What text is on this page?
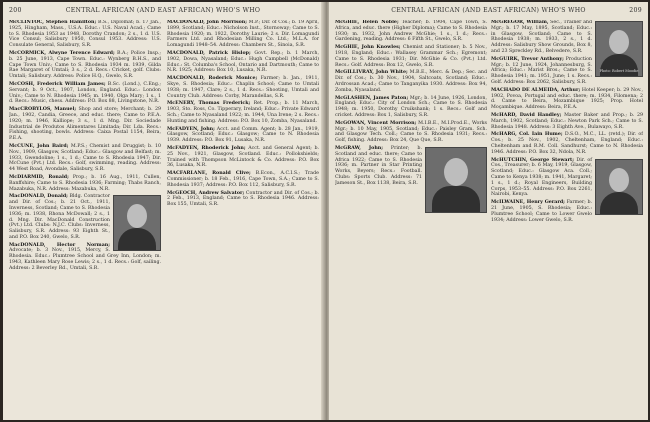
200	CENTRAL AFRICAN (AND EAST AFRICAN) WHO'S WHO
McCLINTOC, Stephen Hamilton; B.S., Diplomat; b. 17 Jan., 1925, Hingham, Mass., U.S.A. Educ.: U.S. Naval Acad.; Came to S. Rhodesia 1953 as 1948, Dorothy Crandon; 2 s., 1 d. U.S. Vice Consul; Salisbury 1950, Consul 1953. Address: U.S. Consulate General, Salisbury, S.R.
McCORMICK, Alwyne Terence Edward; B.A.; Police Insp.; b. 25 June, 1913, Cape Town. Educ.: Wynberg B.H.S., and Cape Town Univ.; Came to S. Rhodesia 1934 m. 1939, Gilda Rae Margaret of Umtali; 3 s., 2 d. Recs.: Cricket, golf. Clubs: Umtali; Salisbury. Address: Police H.Q., Gwelo, S.R.
McCOSH, Frederick William James; B.Sc. (Lond.), C.Eng.; Servant; b. 9 Oct., 1907, London, England. Educ.: London Univ.; Came to N. Rhodesia 1945; m. 1940, Olga Mary; 1 s., 1 d. Recs.: Music, chess. Address: P.O. Box 88, Livingstone, N.R.
MacCROBYLOS, Manuel; Shop and store; Merchant; b. 29 Jan., 1902, Candia, Greece, and educ. there; Came to P.E.A. 1920; m. 1946, Kalliope; 3 s., 1 d. Mng. Dir. Sociedade Industrial de Produtos Alimentares Limitada; Dir. Lda. Recs.: Fishing, shooting, bowls. Address: Caixa Postal 1154, Beira, P.E.A.
McCUNE, John Baird; M.P.S.; Chemist and Druggist; b. 10 Nov., 1909, Glasgow, Scotland; Educ.: Glasgow and Belfast; m. 1933, Gwendoline; 1 s., 1 d.; Came to S. Rhodesia 1947; Dir. McCune (Pvt.) Ltd. Recs.: Golf, swimming, reading. Address: 44 West Road, Avondale, Salisbury, S.R.
McDIARMID, Ronald; Prop.; b. 16 Aug., 1911, Cullen, Banffshire; Came to S. Rhodesia 1936; Farming; Thabs Ranch, Mazabuka, N.R. Address: Mazabuka, N.R.
MacDONALD, Donald; Bldg. Contractor and Dir. of Cos.; b. 21 Oct., 1911, Inverness, Scotland; Came to S. Rhodesia 1936; m. 1938, Rhona McDowall; 2 s., 1 d. Mng. Dir. MacDonald Construction (Pvt.) Ltd. Clubs: N.J.C. Clubs: Inverness, Salisbury, S.R. Address: 93 Eighth St., and P.O. Box 240, Gwelo, S.R.
MacDONALD, Hector Norman; Advocate; b. 3 Nov., 1915, Mercy, S. Rhodesia. Educ.: Plumtree School and Grey Inn, London; m. 1943, Kathleen Mary Rose Lewis; 2 s., 1 d. Recs.: Golf, sailing. Address: 2 Beverley Rd., Umtali, S.R.
MACDONALD, John Morrison; M.P.; Dir. of Cos.; b. 19 April, 1899, Scotland; Educ.: Nicholson Inst., Stornoway; Came to S. Rhodesia 1920; m. 1922, Dorothy Laurie; 2 s. Dir. Lomagundi Farmers Ltd. and Rhodesian Milling Co. Ltd.; M.L.A. for Lomagundi 1948–54. Address: Chambers St., Sinoia, S.R.
MACDONALD, Patrick Hislop; Govt. Rep.; b. 1 March, 1902, Dowa, Nyasaland; Educ.: Hugh Campbell (McDonald) Educ.: St. Columba's School, Ontario and Dartmouth; Came to N.R. 1925; Address: Box 10, Lusaka, N.R.
MACDONALD, Roderick Monice; Farmer; b. Jan., 1911, Skye, S. Rhodesia; Educ.: Chaplin School; Came to Umtali 1938; m. 1947, Clare; 2 s., 1 d. Recs.: Shooting, Umtali and Country Club. Address: Corby, Marandellas, S.R.
McENERY, Thomas Frederick; Ret. Prop.; b. 11 March, 1903, Sto. Ross, Co. Tipperary, Ireland; Educ.: Private Edward Sch.; Came to Nyasaland 1922; m. 1944, Una Irene; 2 s. Recs.: Hunting and fishing. Address: P.O. Box 10, Zomba, Nyasaland.
McFADYEN, John; Acct. and Comm. Agent; b. 28 Jan., 1919, Glasgow, Scotland; Educ.: Glasgow; Came to N. Rhodesia 1939. Address: P.O. Box 91, Lusaka, N.R.
McFADYEN, Rhoderick John; Acct. and General Agent; b. 25 Nov., 1921, Glasgow, Scotland. Educ.: Pollokshields; Trained with Thompson McLintock & Co. Address: P.O. Box 36, Lusaka, N.R.
MACFARLANE, Ronald Clive; B.Econ., A.C.I.S.; Trade Commissioner; b. 18 Feb., 1916, Cape Town, S.A.; Came to S. Rhodesia 1937; Address: P.O. Box 112, Salisbury, S.R.
McGEOCH, Andrew Salvator; Contractor and Dir. of Cos.; b. 2 Feb., 1913, England; Came to S. Rhodesia 1946. Address: Box 155, Umtali, S.R.
CENTRAL AFRICAN (AND EAST AFRICAN) WHO'S WHO	209
McGHIE, Helen Noble; Teacher; b. 1904, Cape Town, S. Africa, and educ. there (Higher Diploma); Came to S. Rhodesia 1930; m. 1932, John Andrew McGhie; 1 s., 1 d.; Recs.: Gardening, reading. Address: 6 Fifth St., Gwelo, S.R.
McGHIE, John Knowles; Chemist and Stationer; b. 5 Nov., 1918, England; Educ.: Wallasey Grammar Sch.; Egremont; Came to S. Rhodesia 1931; Dir. McGhie & Co. (Pvt.) Ltd. Recs.: Golf. Address: Box 12, Gwelo, S.R.
McGILLIVRAY, John White; M.B.E., Merc. & Dep.; Sec. and Dir. of Cos.; b. 30 Nov., 1904, Saltcoats, Scotland; Educ.: Ardrossan Acad.; Came to Tanganyika 1930. Address: Box 94, Zomba, Nyasaland.
McGLASHEN, James Paton; Mgr.; b. 14 June, 1926, London, England; Educ.: City of London Sch.; Came to S. Rhodesia 1948; m. 1950, Dorothy Cruikshank; 1 s. Recs.: Golf and cricket. Address: Box 1, Salisbury, S.R.
McGOWAN, Vincent Morrison; M.I.B.E., M.I.Prod.E., Works Mgr.; b. 10 May, 1905, Scotland; Educ.: Paisley Gram. Sch. and Glasgow Tech. Coll.; Came to S. Rhodesia 1931; Recs.: Golf, fishing. Address: Box 24, Que Que, S.R.
McGRAW, John; Printer; b. Scotland and educ. there; Came to Africa 1922; Came to S. Rhodesia 1936; m. Partner in Star Printing Works, Beyers; Recs.: Football. Clubs: Sports Club. Address: 71 Jameson St., Box 1138, Beira, S.R.
Photo: Robert Moodie
McGREGOR, William, Sec., Trainer and Mgr.; b. 17 May, 1895, Scotland; Educ.: in Glasgow, Scotland; Came to S. Rhodesia 1938; m. 1933, 2 s., 1 d. Address: Salisbury Show Grounds, Box 8, and 23 Spreckley Rd., Belvedere, S.R.
McGUIRK, Trevor Anthony; Production Mgr.; b. 12 June, 1924, Johannesburg, S. Africa; Educ.: Marist Bros.; Came to S. Rhodesia 1941; m. 1951, June; 1 s. Recs.: Golf. Address: Box 2062, Salisbury, S.R.
MACHADO DE ALMEIDA, Arthur; Hotel Keeper; b. 29 Nov., 1902, Povoa, Portugal and educ. there; m. 1934, Filomena; 2 d. Came to Beira, Mozambique 1925; Prop. Hotel Moçambique. Address: Beira, P.E.A.
McHARD, David Handley; Master Baker and Prop.; b. 29 March, 1902, Scotland; Educ.: Newton Park Sch.; Came to S. Rhodesia 1948. Address: 3 Eighth Ave., Bulawayo, S.R.
McHARG, Col. Iain Hume; D.S.O., M.C., LL. (retd.); Dir. of Cos.; b. 25 Nov., 1902, Cheltenham, England; Educ.: Cheltenham and R.M. Coll. Sandhurst; Came to N. Rhodesia 1946. Address: P.O. Box 32, Ndola, N.R.
McHUTCHIN, George Stewart; Dir. of Cos., Treasurer; b. 6 May, 1919, Glasgow, Scotland; Educ.: Glasgow Aca. Coll.; Came to Kenya 1938; m. 1941, Margaret; 1 s., 1 d.; Royal Engineers, Building Corps, 1953–55. Address: P.O. Box 2261, Nairobi, Kenya.
McILWAINE, Henry Gerard; Farmer; b. 21 June, 1905, S. Rhodesia; Educ.: Plumtree School; Came to Lower Gwelo 1934; Address: Lower Gwelo, S.R.
